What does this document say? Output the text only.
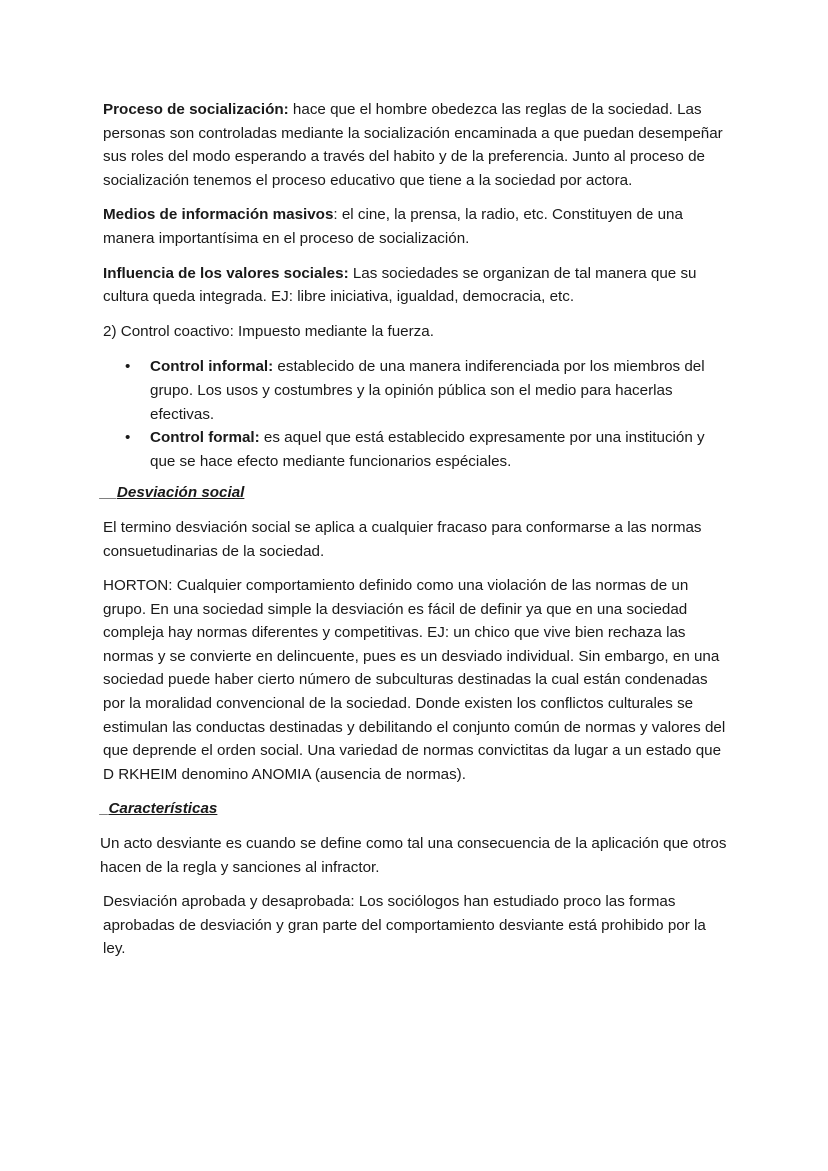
Proceso de socialización: hace que el hombre obedezca las reglas de la sociedad. Las personas son controladas mediante la socialización encaminada a que puedan desempeñar sus roles del modo esperando a través del habito y de la preferencia. Junto al proceso de socialización tenemos el proceso educativo que tiene a la sociedad por actora.

Medios de información masivos: el cine, la prensa, la radio, etc. Constituyen de una manera importantísima en el proceso de socialización.

Influencia de los valores sociales: Las sociedades se organizan de tal manera que su cultura queda integrada. EJ: libre iniciativa, igualdad, democracia, etc.

2) Control coactivo: Impuesto mediante la fuerza.

• Control informal: establecido de una manera indiferenciada por los miembros del grupo. Los usos y costumbres y la opinión pública son el medio para hacerlas efectivas.
• Control formal: es aquel que está establecido expresamente por una institución y que se hace efecto mediante funcionarios espéciales.

__Desviación social

El termino desviación social se aplica a cualquier fracaso para conformarse a las normas consuetudinarias de la sociedad.

HORTON: Cualquier comportamiento definido como una violación de las normas de un grupo. En una sociedad simple la desviación es fácil de definir ya que en una sociedad compleja hay normas diferentes y competitivas. EJ: un chico que vive bien rechaza las normas y se convierte en delincuente, pues es un desviado individual. Sin embargo, en una sociedad puede haber cierto número de subculturas destinadas la cual están condenadas por la moralidad convencional de la sociedad. Donde existen los conflictos culturales se estimulan las conductas destinadas y debilitando el conjunto común de normas y valores del que deprende el orden social. Una variedad de normas convictitas da lugar a un estado que D RKHEIM denomino ANOMIA (ausencia de normas).

_Características

Un acto desviante es cuando se define como tal una consecuencia de la aplicación que otros hacen de la regla y sanciones al infractor.

Desviación aprobada y desaprobada: Los sociólogos han estudiado proco las formas aprobadas de desviación y gran parte del comportamiento desviante está prohibido por la ley.
